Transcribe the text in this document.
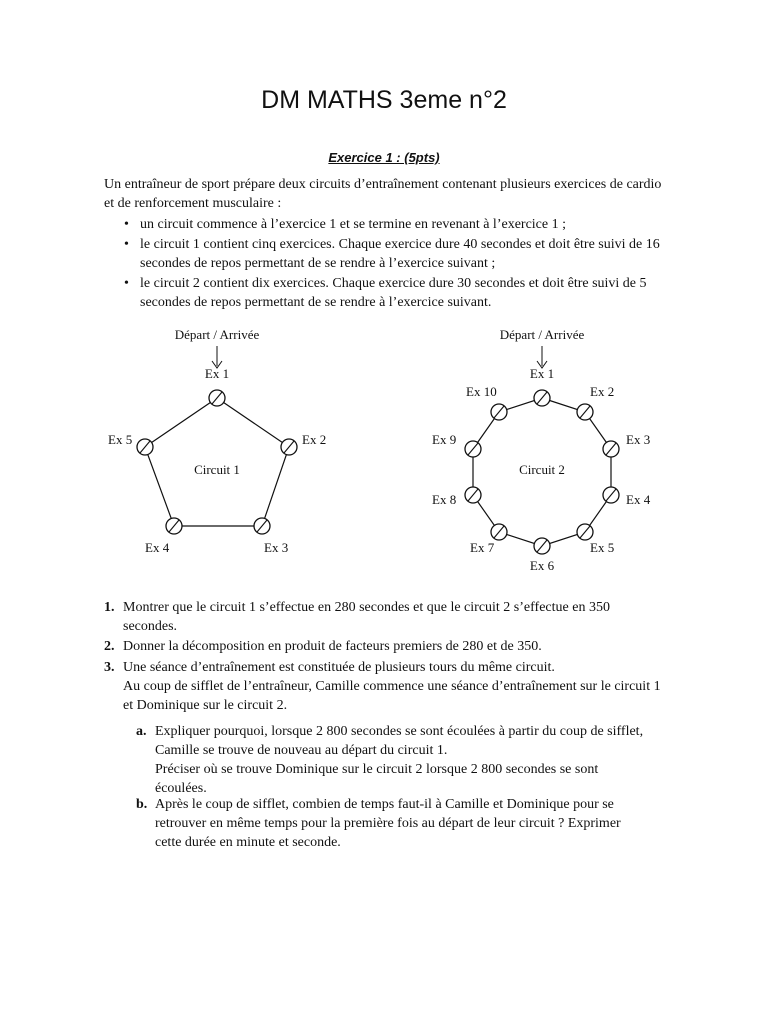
DM MATHS 3eme n°2
Exercice 1 : (5pts)
Un entraîneur de sport prépare deux circuits d’entraînement contenant plusieurs exercices de cardio et de renforcement musculaire :
• un circuit commence à l’exercice 1 et se termine en revenant à l’exercice 1 ;
• le circuit 1 contient cinq exercices. Chaque exercice dure 40 secondes et doit être suivi de 16 secondes de repos permettant de se rendre à l’exercice suivant ;
• le circuit 2 contient dix exercices. Chaque exercice dure 30 secondes et doit être suivi de 5 secondes de repos permettant de se rendre à l’exercice suivant.
Départ / Arrivée
Ex 1
Ex 2
Ex 3
Ex 4
Ex 5
Circuit 1
Départ / Arrivée
Ex 1
Ex 2
Ex 3
Ex 4
Ex 5
Ex 6
Ex 7
Ex 8
Ex 9
Ex 10
Circuit 2
1. Montrer que le circuit 1 s’effectue en 280 secondes et que le circuit 2 s’effectue en 350 secondes.
2. Donner la décomposition en produit de facteurs premiers de 280 et de 350.
3. Une séance d’entraînement est constituée de plusieurs tours du même circuit.
Au coup de sifflet de l’entraîneur, Camille commence une séance d’entraînement sur le circuit 1 et Dominique sur le circuit 2.
a. Expliquer pourquoi, lorsque 2 800 secondes se sont écoulées à partir du coup de sifflet, Camille se trouve de nouveau au départ du circuit 1.
Préciser où se trouve Dominique sur le circuit 2 lorsque 2 800 secondes se sont écoulées.
b. Après le coup de sifflet, combien de temps faut-il à Camille et Dominique pour se retrouver en même temps pour la première fois au départ de leur circuit ? Exprimer cette durée en minute et seconde.
